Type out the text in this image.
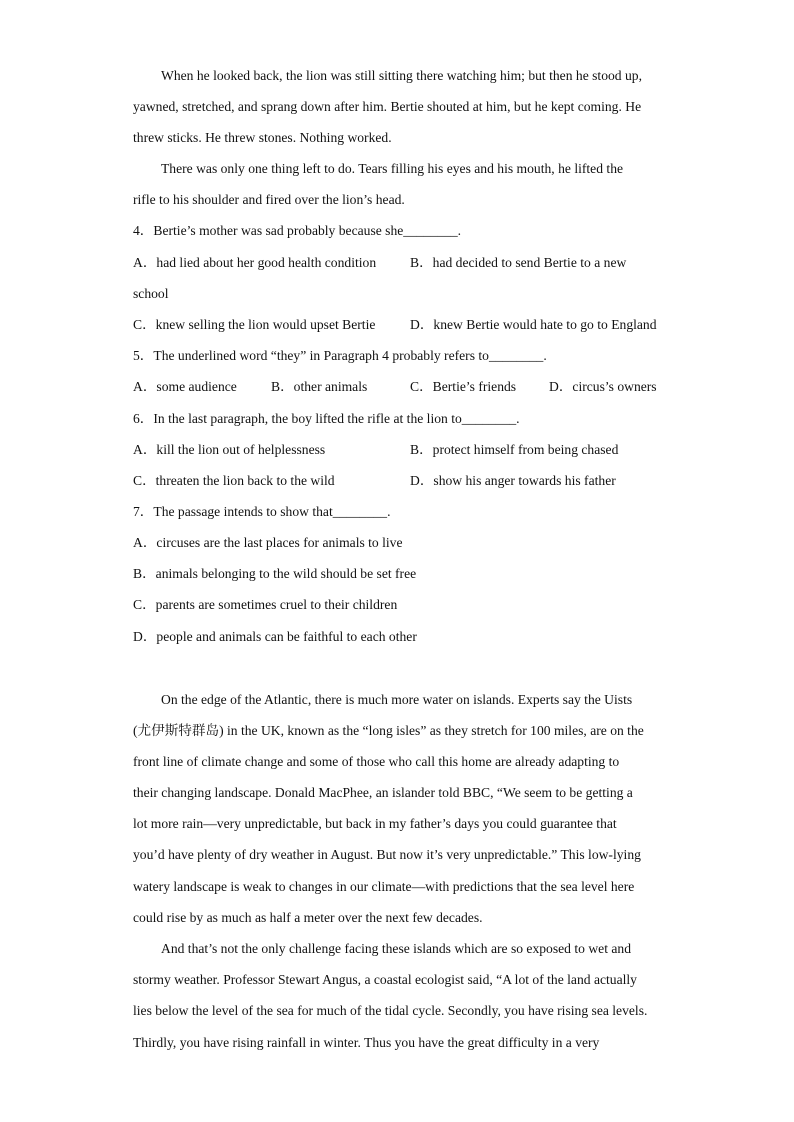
When he looked back, the lion was still sitting there watching him; but then he stood up,
yawned, stretched, and sprang down after him. Bertie shouted at him, but he kept coming. He
threw sticks. He threw stones. Nothing worked.
There was only one thing left to do. Tears filling his eyes and his mouth, he lifted the
rifle to his shoulder and fired over the lion’s head.
4．Bertie’s mother was sad probably because she________.
A．had lied about her good health condition B．had decided to send Bertie to a new
school
C．knew selling the lion would upset Bertie	D．knew Bertie would hate to go to England
5．The underlined word “they” in Paragraph 4 probably refers to________.
A．some audience	B．other animals	C．Bertie’s friends D．circus’s owners
6．In the last paragraph, the boy lifted the rifle at the lion to________.
A．kill the lion out of helplessness	B．protect himself from being chased
C．threaten the lion back to the wild	D．show his anger towards his father
7．The passage intends to show that________.
A．circuses are the last places for animals to live
B．animals belonging to the wild should be set free
C．parents are sometimes cruel to their children
D．people and animals can be faithful to each other
On the edge of the Atlantic, there is much more water on islands. Experts say the Uists
(尤伊斯特群岛) in the UK, known as the “long isles” as they stretch for 100 miles, are on the
front line of climate change and some of those who call this home are already adapting to
their changing landscape. Donald MacPhee, an islander told BBC, “We seem to be getting a
lot more rain—very unpredictable, but back in my father’s days you could guarantee that
you’d have plenty of dry weather in August. But now it’s very unpredictable.” This low-lying
watery landscape is weak to changes in our climate—with predictions that the sea level here
could rise by as much as half a meter over the next few decades.
And that’s not the only challenge facing these islands which are so exposed to wet and
stormy weather. Professor Stewart Angus, a coastal ecologist said, “A lot of the land actually
lies below the level of the sea for much of the tidal cycle. Secondly, you have rising sea levels.
Thirdly, you have rising rainfall in winter. Thus you have the great difficulty in a very
